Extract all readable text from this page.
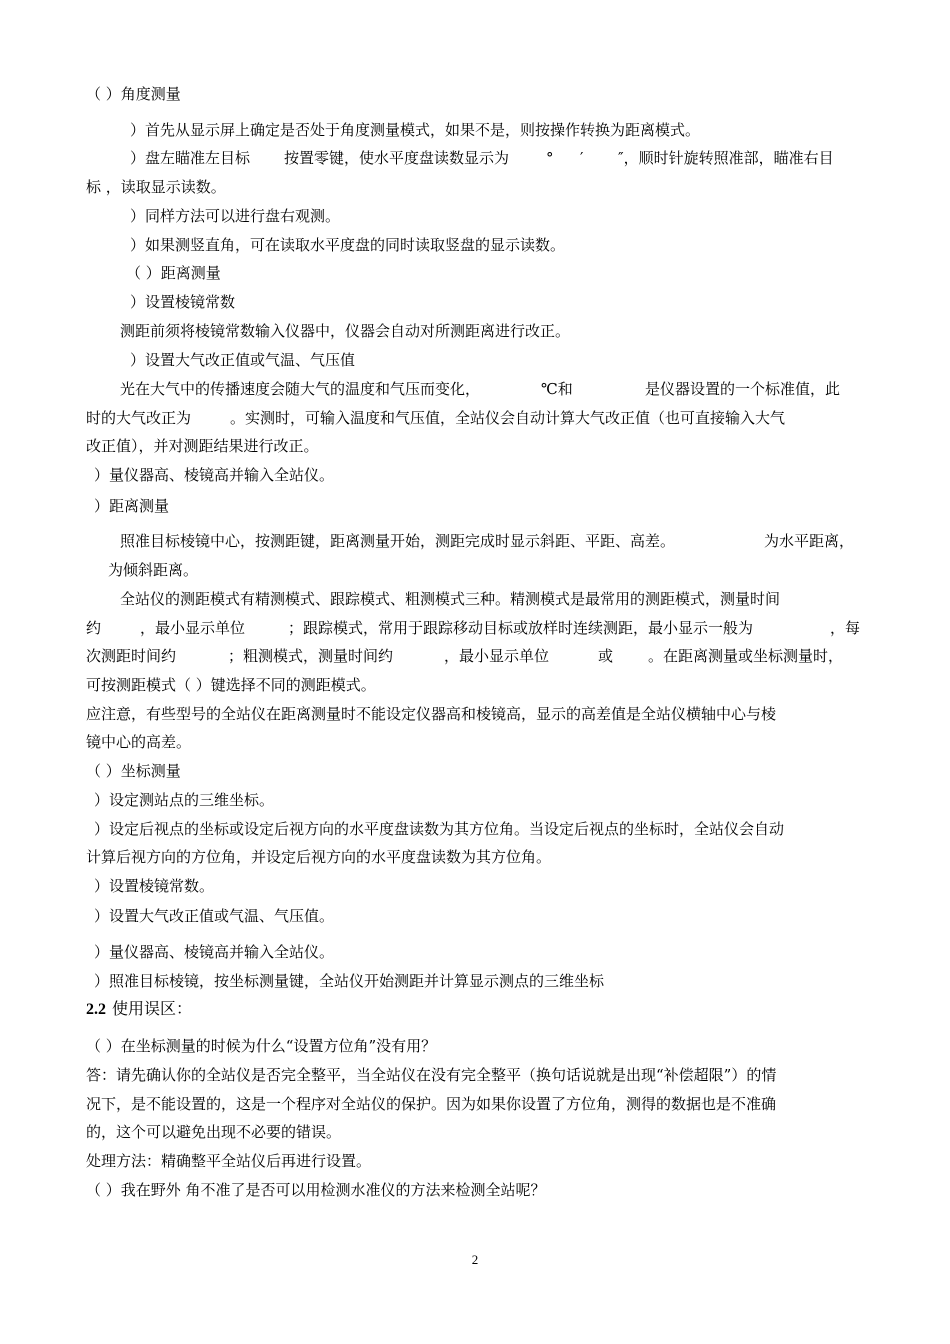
（ ）角度测量
）首先从显示屏上确定是否处于角度测量模式，如果不是，则按操作转换为距离模式。
）盘左瞄准左目标 按置零键，使水平度盘读数显示为 ° ′ ″，顺时针旋转照准部，瞄准右目
标 ，读取显示读数。
）同样方法可以进行盘右观测。
）如果测竖直角，可在读取水平度盘的同时读取竖盘的显示读数。
（ ）距离测量
）设置棱镜常数
测距前须将棱镜常数输入仪器中，仪器会自动对所测距离进行改正。
）设置大气改正值或气温、气压值
光在大气中的传播速度会随大气的温度和气压而变化，	℃和	是仪器设置的一个标准值，此
时的大气改正为	。实测时，可输入温度和气压值，全站仪会自动计算大气改正值（也可直接输入大气
改正值），并对测距结果进行改正。
）量仪器高、棱镜高并输入全站仪。
）距离测量
照准目标棱镜中心，按测距键，距离测量开始，测距完成时显示斜距、平距、高差。	为水平距离，
为倾斜距离。
全站仪的测距模式有精测模式、跟踪模式、粗测模式三种。精测模式是最常用的测距模式，测量时间
约	，最小显示单位	；跟踪模式，常用于跟踪移动目标或放样时连续测距，最小显示一般为	，每
次测距时间约	；粗测模式，测量时间约	，最小显示单位	或 。在距离测量或坐标测量时，
可按测距模式（ ）键选择不同的测距模式。
应注意，有些型号的全站仪在距离测量时不能设定仪器高和棱镜高，显示的高差值是全站仪横轴中心与棱
镜中心的高差。
（ ）坐标测量
）设定测站点的三维坐标。
）设定后视点的坐标或设定后视方向的水平度盘读数为其方位角。当设定后视点的坐标时，全站仪会自动
计算后视方向的方位角，并设定后视方向的水平度盘读数为其方位角。
）设置棱镜常数。
）设置大气改正值或气温、气压值。
）量仪器高、棱镜高并输入全站仪。
）照准目标棱镜，按坐标测量键，全站仪开始测距并计算显示测点的三维坐标
2.2 使用误区：
（ ）在坐标测量的时候为什么“设置方位角”没有用？
答：请先确认你的全站仪是否完全整平，当全站仪在没有完全整平（换句话说就是出现“补偿超限”）的情
况下，是不能设置的，这是一个程序对全站仪的保护。因为如果你设置了方位角，测得的数据也是不准确
的，这个可以避免出现不必要的错误。
处理方法：精确整平全站仪后再进行设置。
（ ）我在野外 角不准了是否可以用检测水准仪的方法来检测全站呢？
2
